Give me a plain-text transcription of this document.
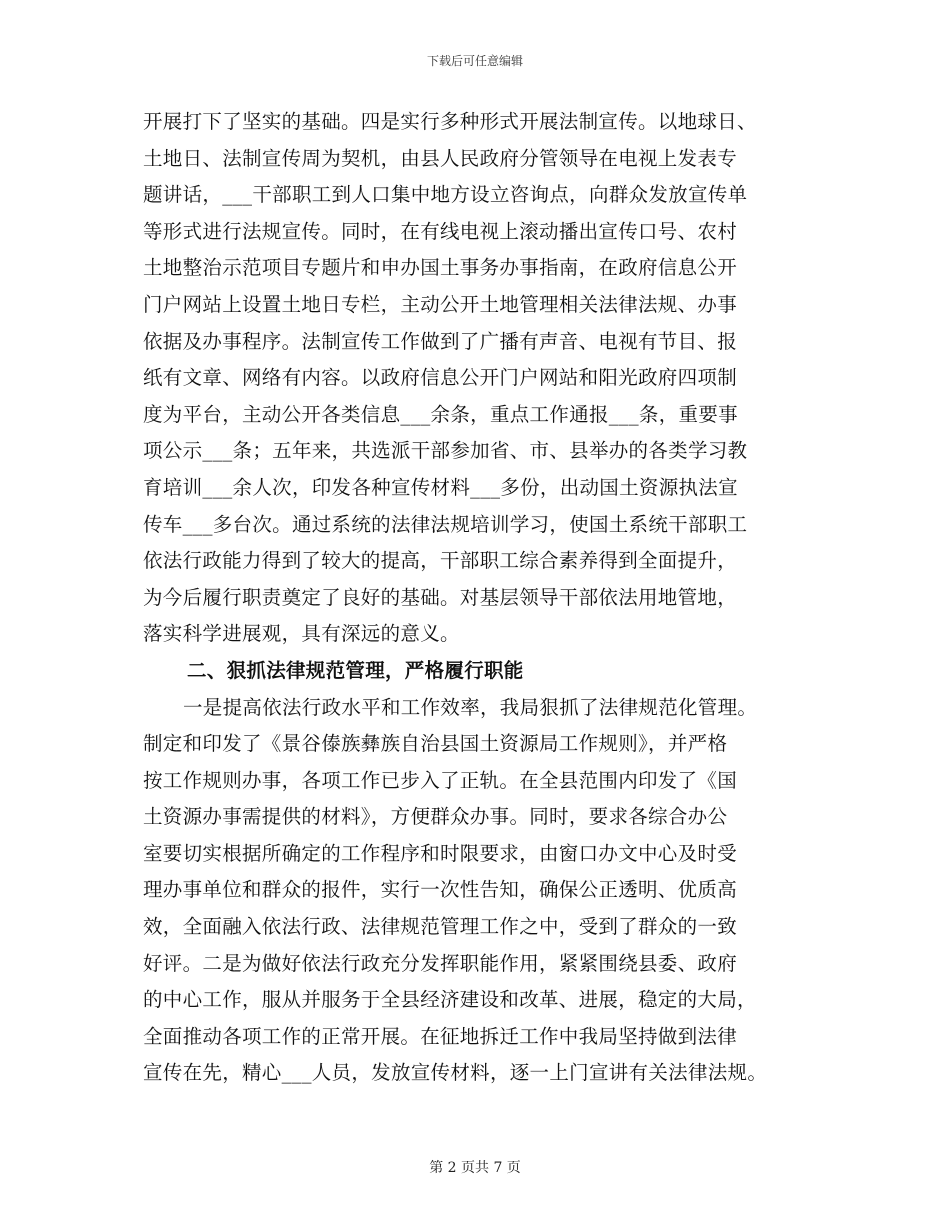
下载后可任意编辑
开展打下了坚实的基础。四是实行多种形式开展法制宣传。以地球日、
土地日、法制宣传周为契机，由县人民政府分管领导在电视上发表专
题讲话，___干部职工到人口集中地方设立咨询点，向群众发放宣传单
等形式进行法规宣传。同时，在有线电视上滚动播出宣传口号、农村
土地整治示范项目专题片和申办国土事务办事指南，在政府信息公开
门户网站上设置土地日专栏，主动公开土地管理相关法律法规、办事
依据及办事程序。法制宣传工作做到了广播有声音、电视有节目、报
纸有文章、网络有内容。以政府信息公开门户网站和阳光政府四项制
度为平台，主动公开各类信息___余条，重点工作通报___条，重要事
项公示___条；五年来，共选派干部参加省、市、县举办的各类学习教
育培训___余人次，印发各种宣传材料___多份，出动国土资源执法宣
传车___多台次。通过系统的法律法规培训学习，使国土系统干部职工
依法行政能力得到了较大的提高，干部职工综合素养得到全面提升，
为今后履行职责奠定了良好的基础。对基层领导干部依法用地管地，
落实科学进展观，具有深远的意义。
二、狠抓法律规范管理，严格履行职能
一是提高依法行政水平和工作效率，我局狠抓了法律规范化管理。
制定和印发了《景谷傣族彝族自治县国土资源局工作规则》，并严格
按工作规则办事，各项工作已步入了正轨。在全县范围内印发了《国
土资源办事需提供的材料》，方便群众办事。同时，要求各综合办公
室要切实根据所确定的工作程序和时限要求，由窗口办文中心及时受
理办事单位和群众的报件，实行一次性告知，确保公正透明、优质高
效，全面融入依法行政、法律规范管理工作之中，受到了群众的一致
好评。二是为做好依法行政充分发挥职能作用，紧紧围绕县委、政府
的中心工作，服从并服务于全县经济建设和改革、进展，稳定的大局，
全面推动各项工作的正常开展。在征地拆迁工作中我局坚持做到法律
宣传在先，精心___人员，发放宣传材料，逐一上门宣讲有关法律法规。
第 2 页共 7 页
